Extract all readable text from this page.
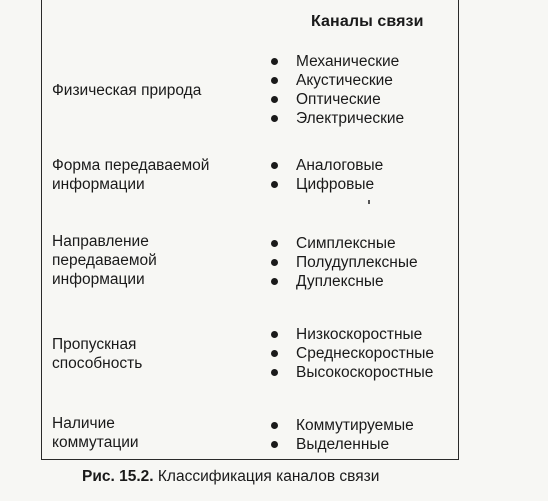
Каналы связи
Физическая природа
Механические
Акустические
Оптические
Электрические
Форма передаваемой
информации
Аналоговые
Цифровые
Направление
передаваемой
информации
Симплексные
Полудуплексные
Дуплексные
Пропускная
способность
Низкоскоростные
Среднескоростные
Высокоскоростные
Наличие
коммутации
Коммутируемые
Выделенные
Рис. 15.2. Классификация каналов связи
